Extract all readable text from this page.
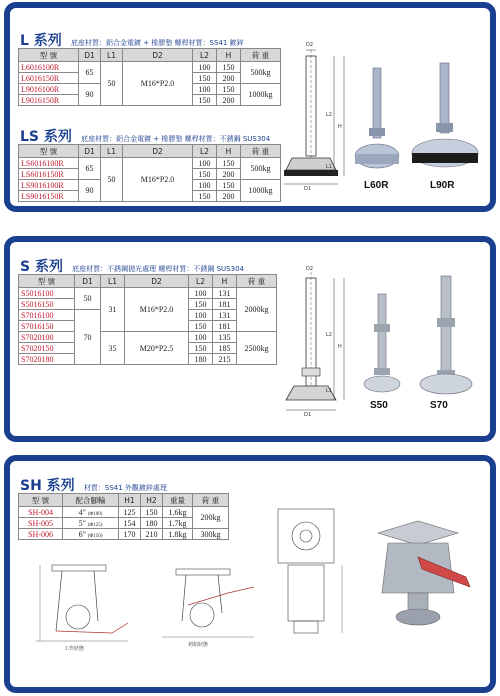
L 系列 底座材質：鋁合金電鍍 + 橡膠墊 螺桿材質：SS41 鍍鋅
型 號	D1	L1	D2	L2	H	荷 重
L6016100R	65	50	M16*P2.0	100	150	500kg
L6016150R				150	200	
L9016100R	90			100	150	1000kg
L9016150R				150	200	
LS 系列 底座材質：鋁合金電鍍 + 橡膠墊 螺桿材質：不銹鋼 SUS304
型 號	D1	L1	D2	L2	H	荷 重
LS6016100R	65	50	M16*P2.0	100	150	500kg
LS6016150R				150	200	
LS9016100R	90			100	150	1000kg
LS9016150R				150	200	
D2
L2
H
L1
D1	L60R	L90R
S 系列 底座材質：不銹鋼拋光處理 螺桿材質：不銹鋼 SUS304
型 號	D1	L1	D2	L2	H	荷 重
S5016100	50	31	M16*P2.0	100	131	2000kg
S5016150				150	181	
S7016100	70			100	131	
S7016150				150	181	
S7020100		35	M20*P2.5	100	135	2500kg
S7020150				150	185	
S7020180				180	215	
D2
L2
H
L1
D1
S50	S70
SH 系列 材質：SS41 外觀鍍鋅處理
型 號	配合腳輪	H1	H2	重量	荷 重
SH-004	4" (Φ100)	125	150	1.6kg	200kg
SH-005	5" (Φ125)	154	180	1.7kg	
SH-006	6" (Φ150)	170	210	1.8kg	300kg
工作狀態
初始狀態
